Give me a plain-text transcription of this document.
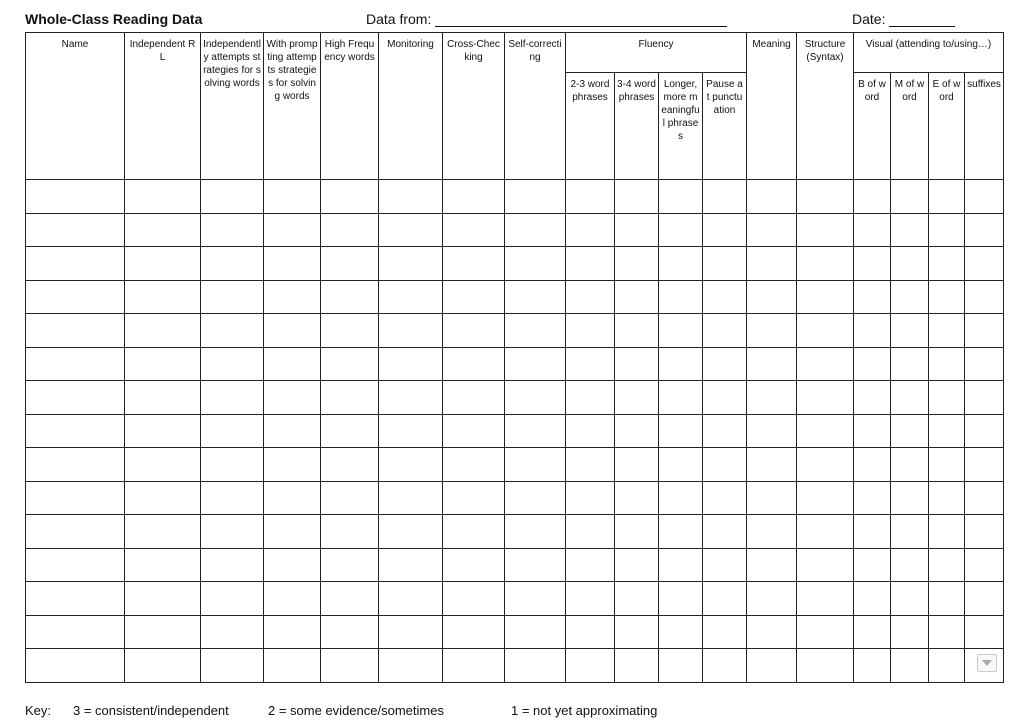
Whole-Class Reading Data	Data from:	Date:
Name	Independent RL	Independently attempts strategies for solving words	With prompting attempts strategies for solving words	High Frequency words	Monitoring	Cross-Checking	Self-correcting	Fluency				Meaning	Structure (Syntax)	Visual (attending to/using…)			
								2-3 word phrases	3-4 word phrases	Longer, more meaningful phrases	Pause at punctuation			B of word	M of word	E of word	suffixes

Key: 3 = consistent/independent	2 = some evidence/sometimes	1 = not yet approximating
